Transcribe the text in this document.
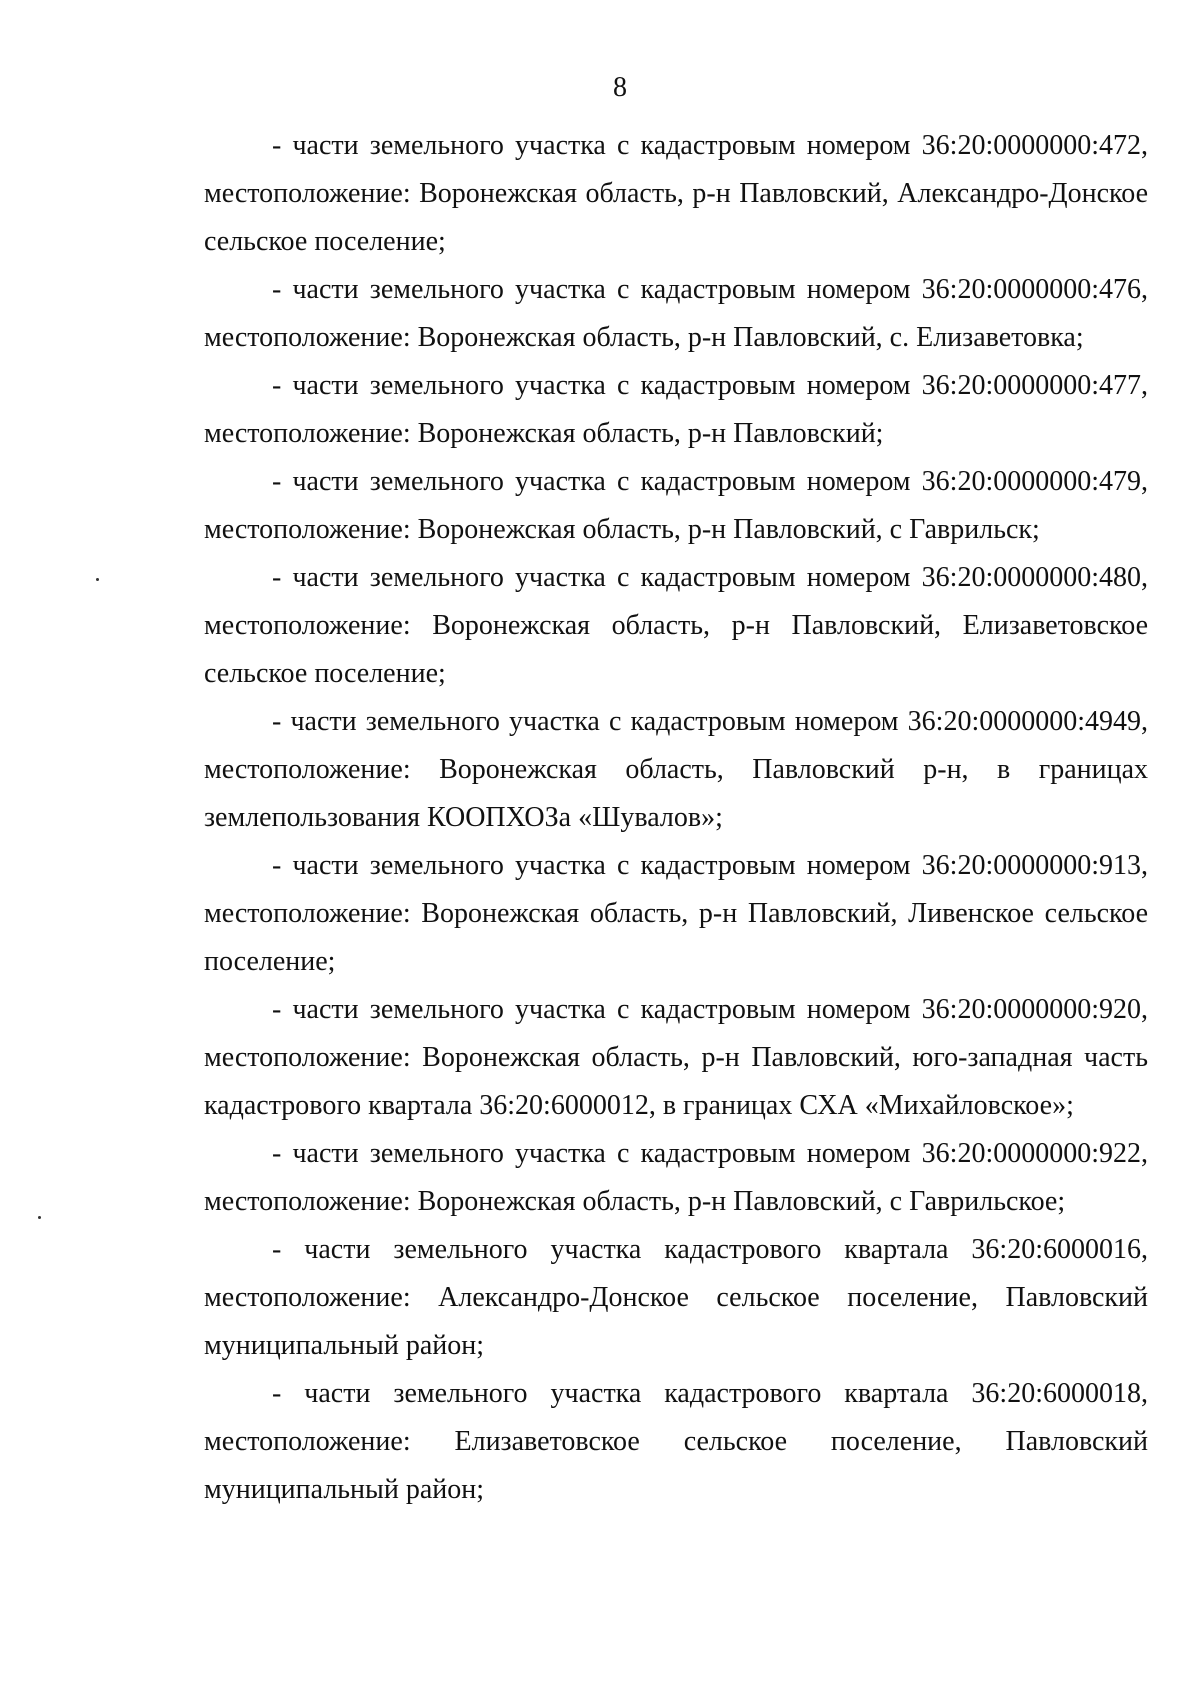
8

- части земельного участка с кадастровым номером 36:20:0000000:472, местоположение: Воронежская область, р-н Павловский, Александро-Донское сельское поселение;

- части земельного участка с кадастровым номером 36:20:0000000:476, местоположение: Воронежская область, р-н Павловский, с. Елизаветовка;

- части земельного участка с кадастровым номером 36:20:0000000:477, местоположение: Воронежская область, р-н Павловский;

- части земельного участка с кадастровым номером 36:20:0000000:479, местоположение: Воронежская область, р-н Павловский, с Гаврильск;

- части земельного участка с кадастровым номером 36:20:0000000:480, местоположение: Воронежская область, р-н Павловский, Елизаветовское сельское поселение;

- части земельного участка с кадастровым номером 36:20:0000000:4949, местоположение: Воронежская область, Павловский р-н, в границах землепользования КООПХОЗа «Шувалов»;

- части земельного участка с кадастровым номером 36:20:0000000:913, местоположение: Воронежская область, р-н Павловский, Ливенское сельское поселение;

- части земельного участка с кадастровым номером 36:20:0000000:920, местоположение: Воронежская область, р-н Павловский, юго-западная часть кадастрового квартала 36:20:6000012, в границах СХА «Михайловское»;

- части земельного участка с кадастровым номером 36:20:0000000:922, местоположение: Воронежская область, р-н Павловский, с Гаврильское;

- части земельного участка кадастрового квартала 36:20:6000016, местоположение: Александро-Донское сельское поселение, Павловский муниципальный район;

- части земельного участка кадастрового квартала 36:20:6000018, местоположение: Елизаветовское сельское поселение, Павловский муниципальный район;
